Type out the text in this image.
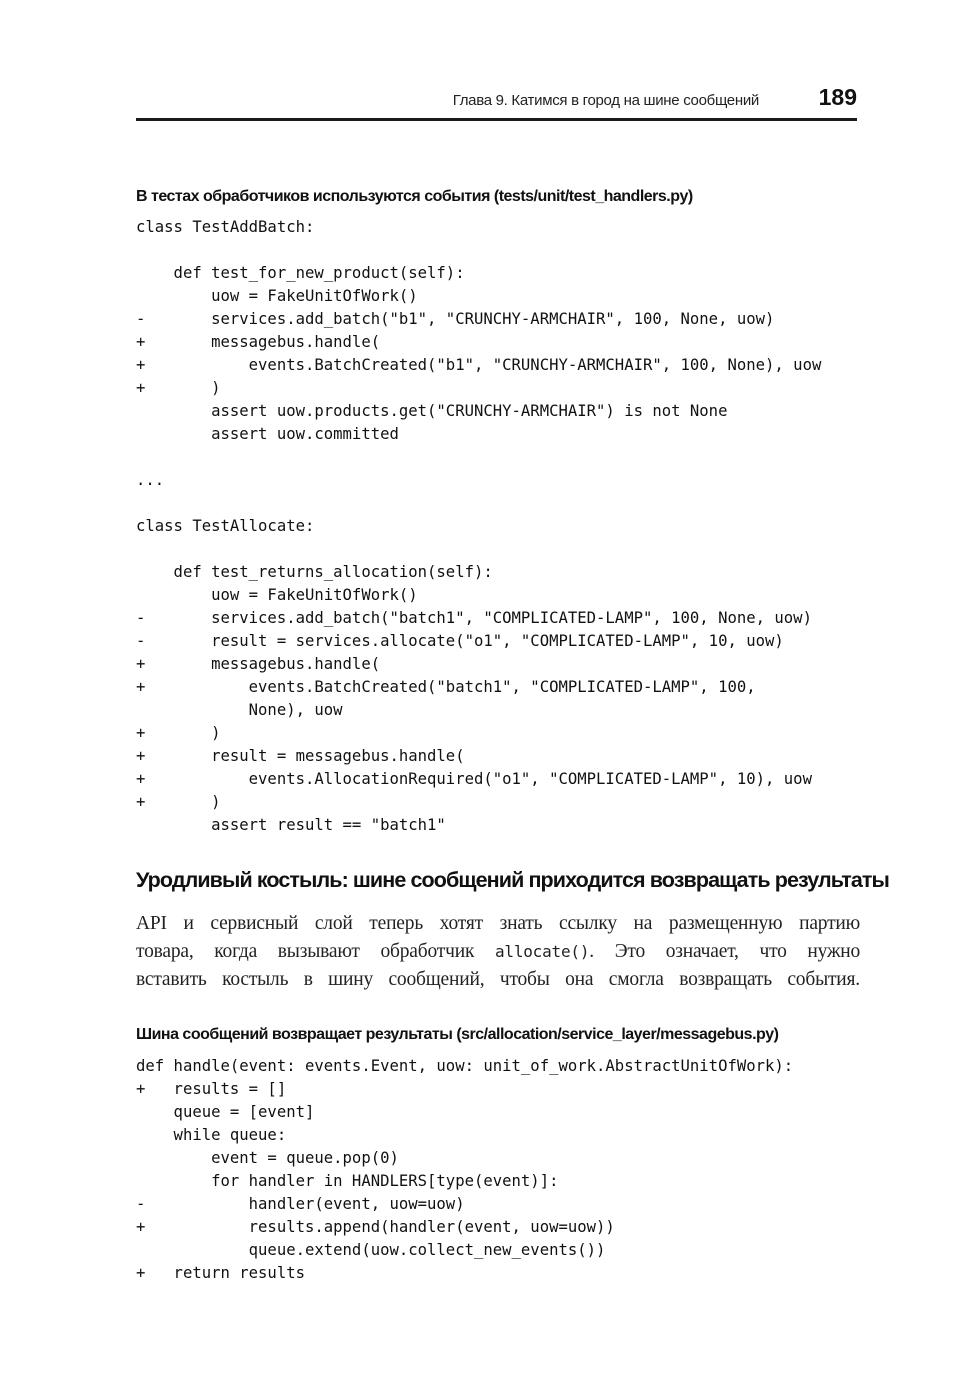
Глава 9. Катимся в город на шине сообщений	189
В тестах обработчиков используются события (tests/unit/test_handlers.py)
class TestAddBatch:

def test_for_new_product(self):
uow = FakeUnitOfWork()
-       services.add_batch("b1", "CRUNCHY-ARMCHAIR", 100, None, uow)
+       messagebus.handle(
+           events.BatchCreated("b1", "CRUNCHY-ARMCHAIR", 100, None), uow
+       )
assert uow.products.get("CRUNCHY-ARMCHAIR") is not None
assert uow.committed

...

class TestAllocate:

def test_returns_allocation(self):
uow = FakeUnitOfWork()
-       services.add_batch("batch1", "COMPLICATED-LAMP", 100, None, uow)
-       result = services.allocate("o1", "COMPLICATED-LAMP", 10, uow)
+       messagebus.handle(
+           events.BatchCreated("batch1", "COMPLICATED-LAMP", 100,
None), uow
+       )
+       result = messagebus.handle(
+           events.AllocationRequired("o1", "COMPLICATED-LAMP", 10), uow
+       )
assert result == "batch1"
Уродливый костыль: шине сообщений приходится возвращать результаты
API и сервисный слой теперь хотят знать ссылку на размещенную партию
товара, когда вызывают обработчик allocate(). Это означает, что нужно
вставить костыль в шину сообщений, чтобы она смогла возвращать события.
Шина сообщений возвращает результаты (src/allocation/service_layer/messagebus.py)
def handle(event: events.Event, uow: unit_of_work.AbstractUnitOfWork):
+   results = []
queue = [event]
while queue:
event = queue.pop(0)
for handler in HANDLERS[type(event)]:
-           handler(event, uow=uow)
+           results.append(handler(event, uow=uow))
queue.extend(uow.collect_new_events())
+   return results
